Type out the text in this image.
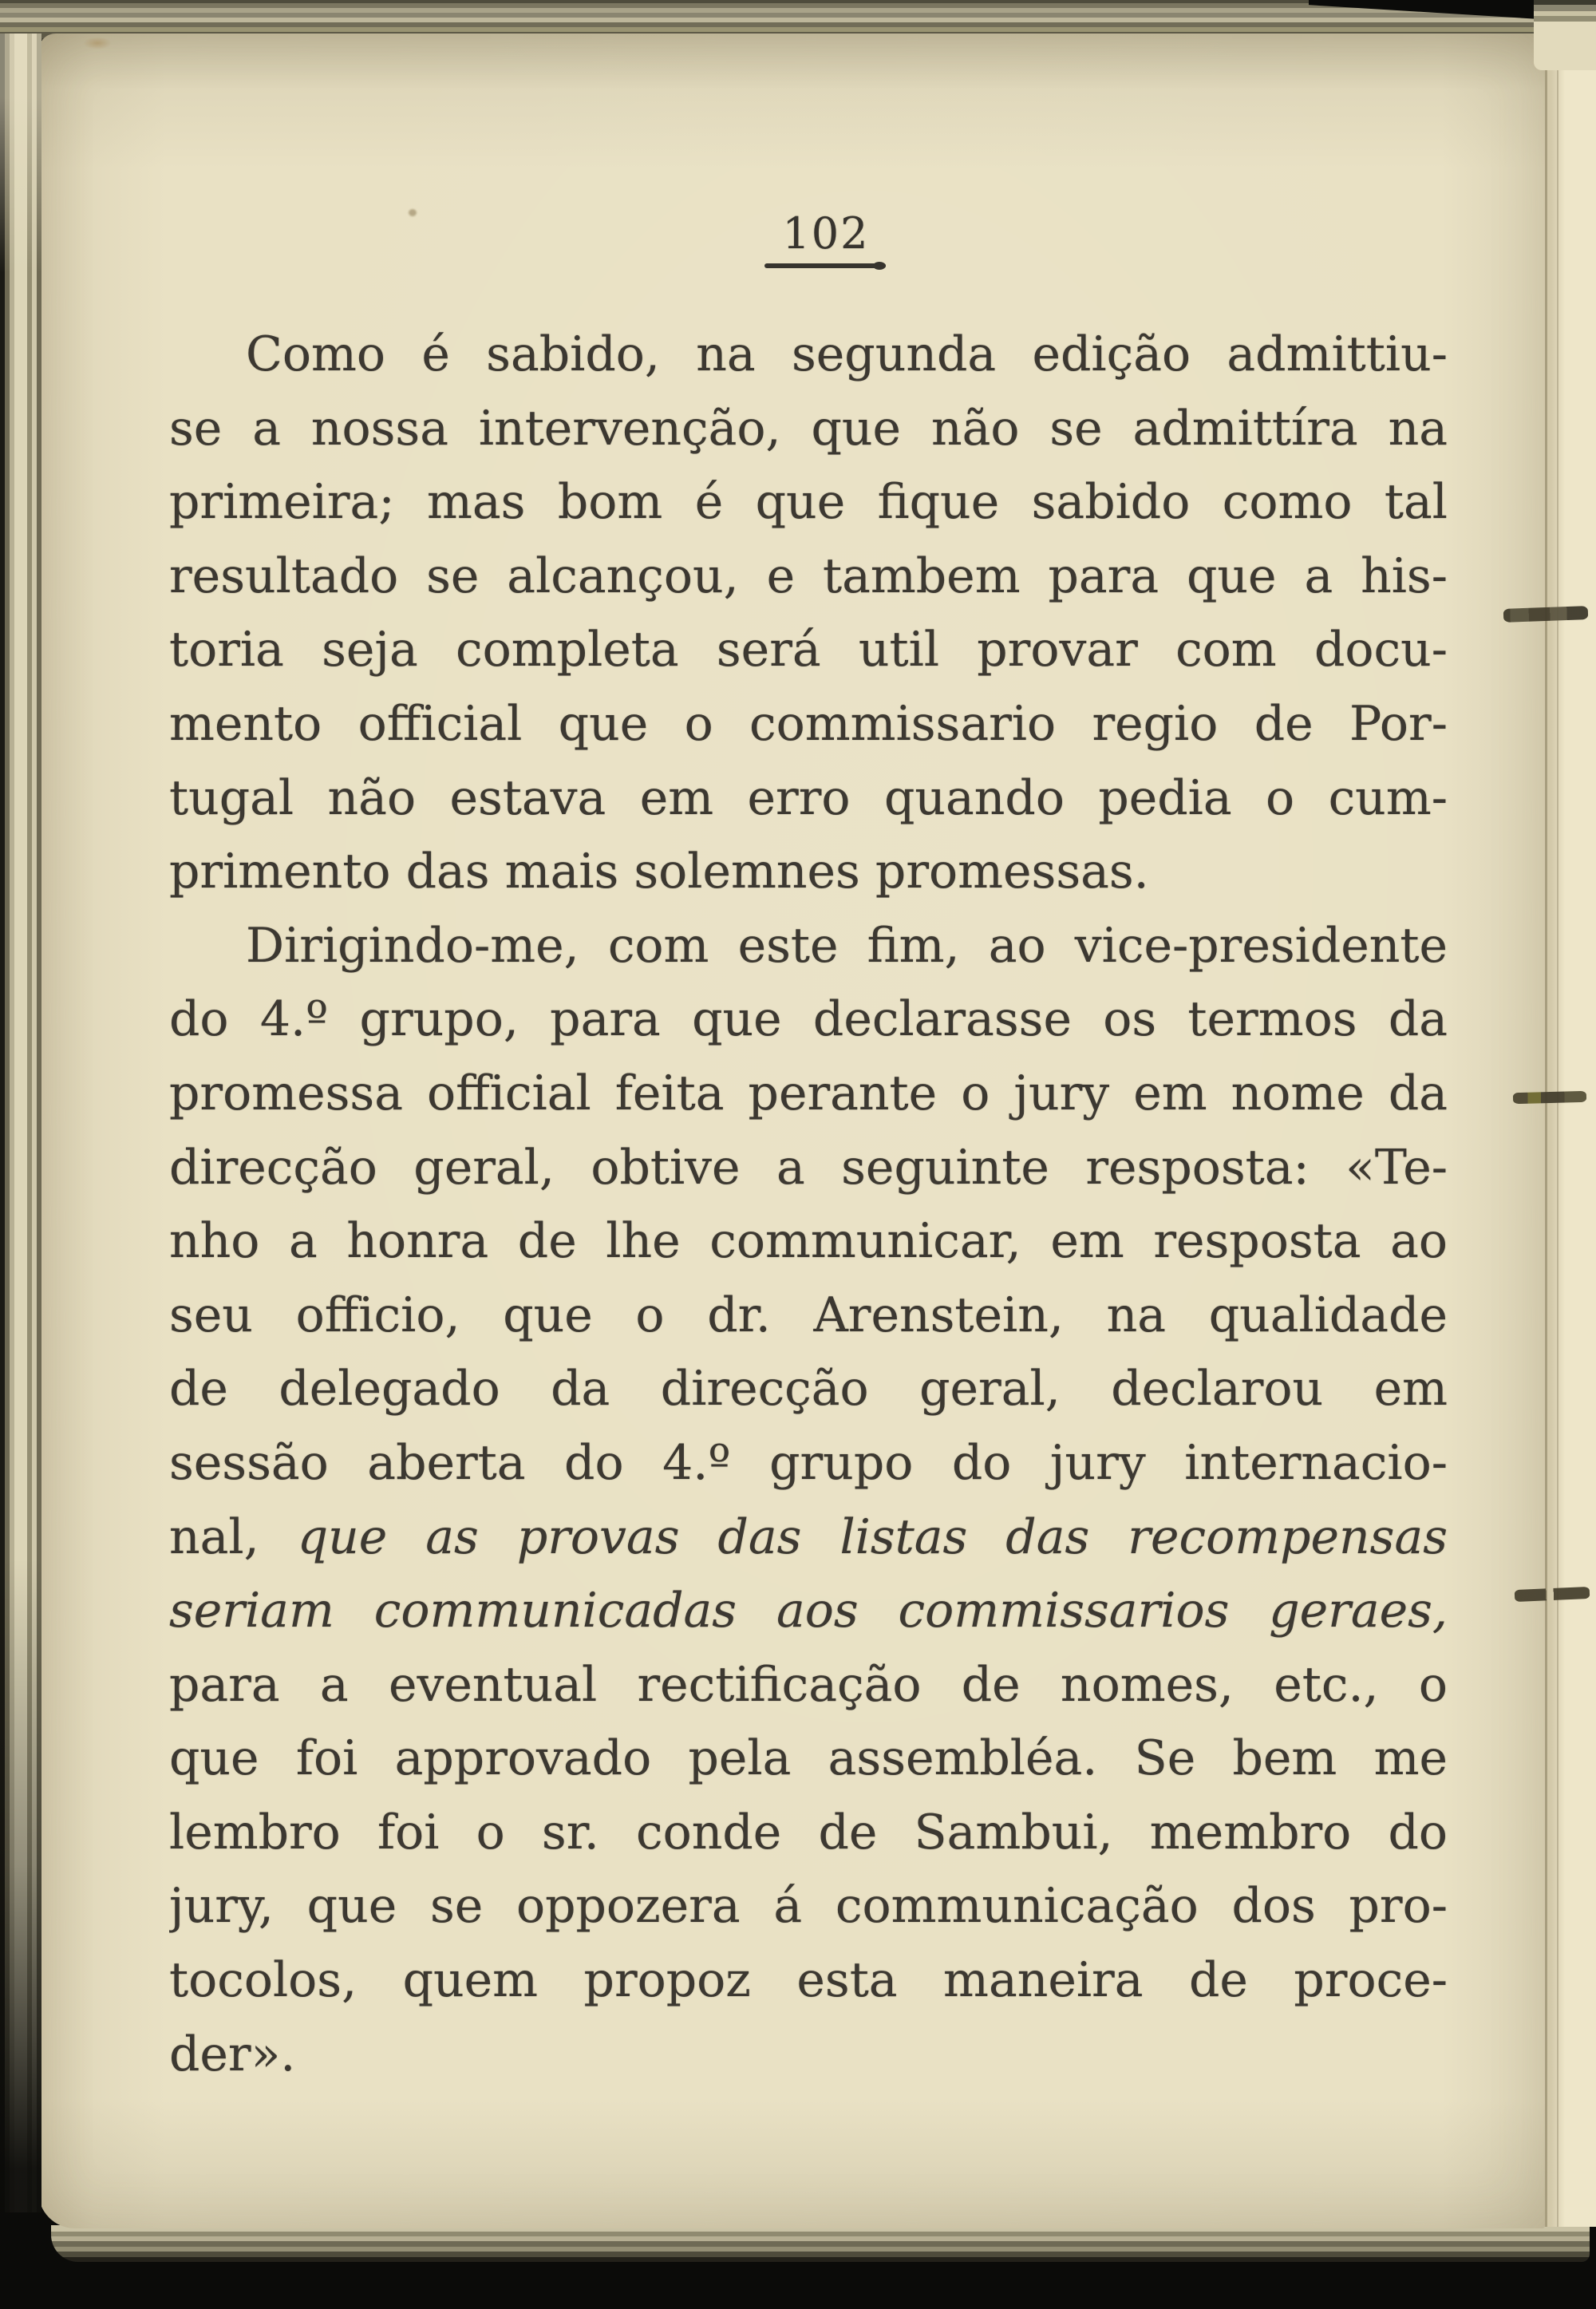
102
Como é sabido, na segunda edição admittiu-
se a nossa intervenção, que não se admittíra na
primeira; mas bom é que fique sabido como tal
resultado se alcançou, e tambem para que a his-
toria seja completa será util provar com docu-
mento official que o commissario regio de Por-
tugal não estava em erro quando pedia o cum-
primento das mais solemnes promessas.
Dirigindo-me, com este fim, ao vice-presidente
do 4.º grupo, para que declarasse os termos da
promessa official feita perante o jury em nome da
direcção geral, obtive a seguinte resposta: «Te-
nho a honra de lhe communicar, em resposta ao
seu officio, que o dr. Arenstein, na qualidade
de delegado da direcção geral, declarou em
sessão aberta do 4.º grupo do jury internacio-
nal, que as provas das listas das recompensas
seriam communicadas aos commissarios geraes,
para a eventual rectificação de nomes, etc., o
que foi approvado pela assembléa. Se bem me
lembro foi o sr. conde de Sambui, membro do
jury, que se oppozera á communicação dos pro-
tocolos, quem propoz esta maneira de proce-
der».
